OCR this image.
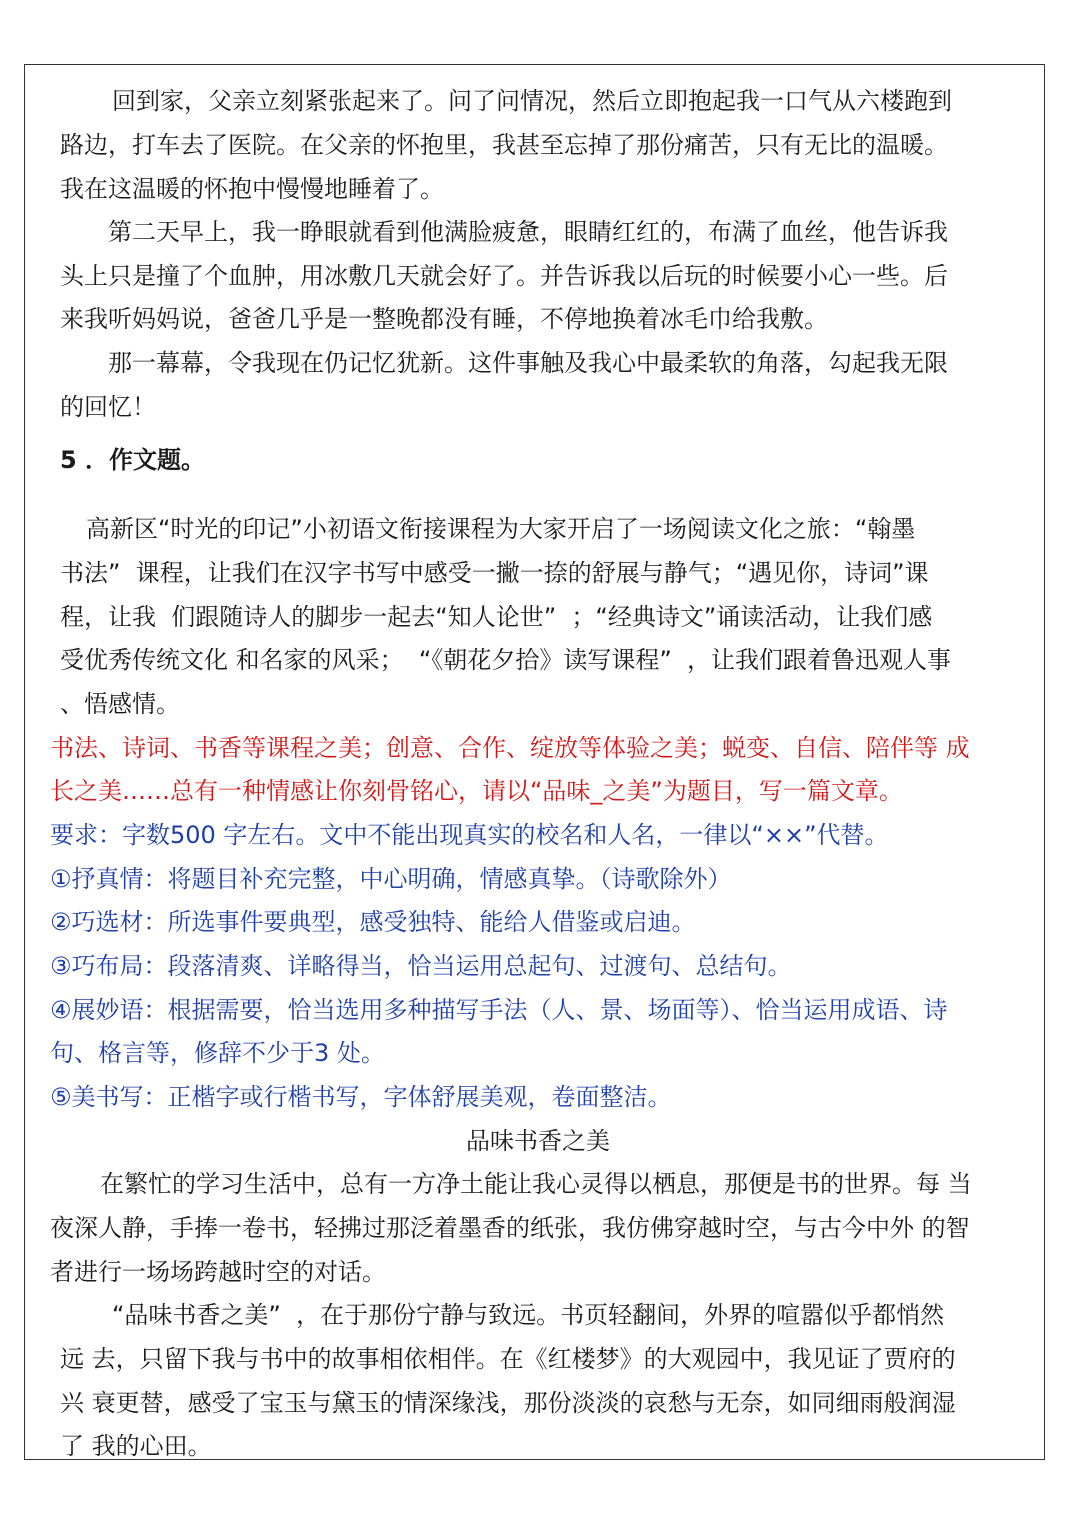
回到家，父亲立刻紧张起来了。问了问情况，然后立即抱起我一口气从六楼跑到
路边，打车去了医院。在父亲的怀抱里，我甚至忘掉了那份痛苦，只有无比的温暖。
我在这温暖的怀抱中慢慢地睡着了。
第二天早上，我一睁眼就看到他满脸疲惫，眼睛红红的，布满了血丝，他告诉我
头上只是撞了个血肿，用冰敷几天就会好了。并告诉我以后玩的时候要小心一些。后
来我听妈妈说，爸爸几乎是一整晚都没有睡，不停地换着冰毛巾给我敷。
那一幕幕，令我现在仍记忆犹新。这件事触及我心中最柔软的角落，勾起我无限
的回忆！
5 ．作文题。
高新区“时光的印记”小初语文衔接课程为大家开启了一场阅读文化之旅：“翰墨
书法”  课程，让我们在汉字书写中感受一撇一捺的舒展与静气；“遇见你，诗词”课
程，让我  们跟随诗人的脚步一起去“知人论世”  ；“经典诗文”诵读活动，让我们感
受优秀传统文化 和名家的风采；  “《朝花夕拾》读写课程”  ，让我们跟着鲁迅观人事
、悟感情。
书法、诗词、书香等课程之美；创意、合作、绽放等体验之美；蜕变、自信、陪伴等 成
长之美……总有一种情感让你刻骨铭心，请以“品味_之美”为题目，写一篇文章。
要求：字数500 字左右。文中不能出现真实的校名和人名，一律以“××”代替。
①抒真情：将题目补充完整，中心明确，情感真挚。（诗歌除外）
②巧选材：所选事件要典型，感受独特、能给人借鉴或启迪。
③巧布局：段落清爽、详略得当，恰当运用总起句、过渡句、总结句。
④展妙语：根据需要，恰当选用多种描写手法（人、景、场面等）、恰当运用成语、诗
句、格言等，修辞不少于3 处。
⑤美书写：正楷字或行楷书写，字体舒展美观，卷面整洁。
品味书香之美
在繁忙的学习生活中，总有一方净土能让我心灵得以栖息，那便是书的世界。每 当
夜深人静，手捧一卷书，轻拂过那泛着墨香的纸张，我仿佛穿越时空，与古今中外 的智
者进行一场场跨越时空的对话。
“品味书香之美”  ，在于那份宁静与致远。书页轻翻间，外界的喧嚣似乎都悄然
远 去，只留下我与书中的故事相依相伴。在《红楼梦》的大观园中，我见证了贾府的
兴 衰更替，感受了宝玉与黛玉的情深缘浅，那份淡淡的哀愁与无奈，如同细雨般润湿
了 我的心田。
